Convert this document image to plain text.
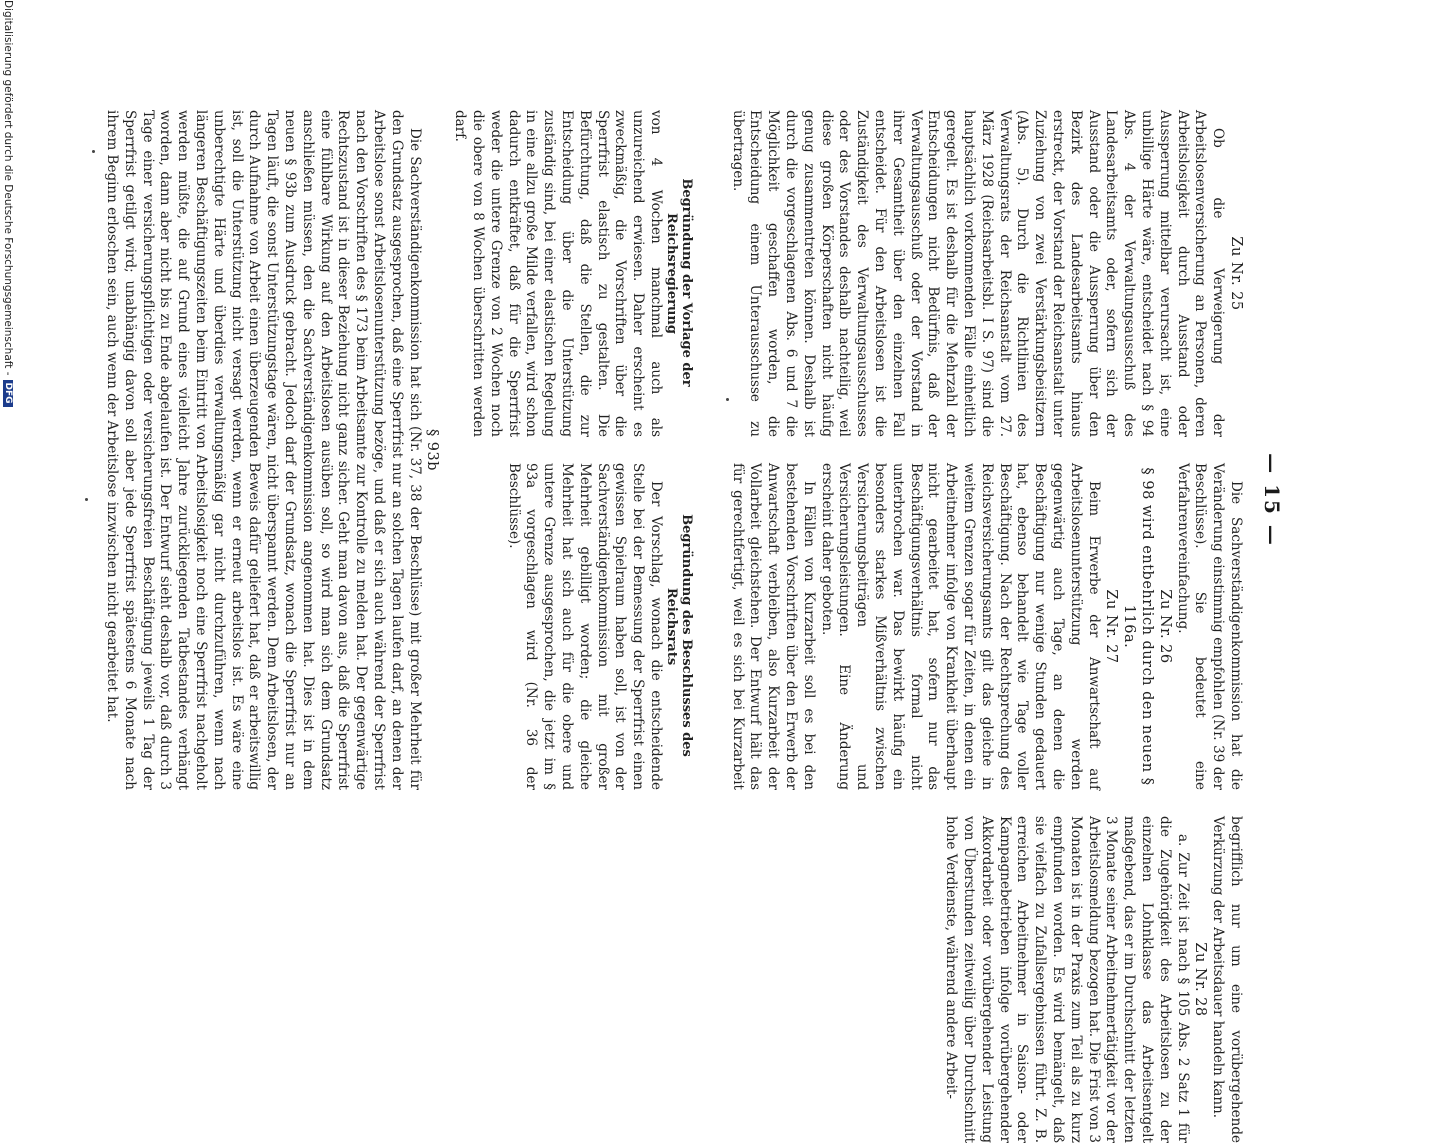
— 15 —

Zu Nr. 25

Ob die Verweigerung der Arbeitslosenversicherung an Personen, deren Arbeitslosigkeit durch Ausstand oder Aussperrung mittelbar verursacht ist, eine unbillige Härte wäre, entscheidet nach § 94 Abs. 4 der Verwaltungsausschuß des Landesarbeitsamts oder, sofern sich der Ausstand oder die Aussperrung über den Bezirk des Landesarbeitsamts hinaus erstreckt, der Vorstand der Reichsanstalt unter Zuziehung von zwei Verstärkungsbeisitzern (Abs. 5). Durch die Richtlinien des Verwaltungsrats der Reichsanstalt vom 27. März 1928 (Reichsarbeitsbl. I S. 97) sind die hauptsächlich vorkommenden Fälle einheitlich geregelt. Es ist deshalb für die Mehrzahl der Entscheidungen nicht Bedürfnis, daß der Verwaltungsausschuß oder der Vorstand in ihrer Gesamtheit über den einzelnen Fall entscheidet. Für den Arbeitslosen ist die Zuständigkeit des Verwaltungsausschusses oder des Vorstandes deshalb nachteilig, weil diese großen Körperschaften nicht häufig genug zusammentreten können. Deshalb ist durch die vorgeschlagenen Abs. 6 und 7 die Möglichkeit geschaffen worden, die Entscheidung einem Unterausschusse zu übertragen.

Die Sachverständigenkommission hat die Veränderung einstimmig empfohlen (Nr. 39 der Beschlüsse). Sie bedeutet eine Verfahrenvereinfachung.

Zu Nr. 26

§ 98 wird entbehrlich durch den neuen § 116a.

Zu Nr. 27

Beim Erwerbe der Anwartschaft auf Arbeitslosenunterstützung werden gegenwärtig auch Tage, an denen die Beschäftigung nur wenige Stunden gedauert hat, ebenso behandelt wie Tage voller Beschäftigung. Nach der Rechtsprechung des Reichsversicherungsamts gilt das gleiche in weitem Grenzen sogar für Zeiten, in denen ein Arbeitnehmer infolge von Krankheit überhaupt nicht gearbeitet hat, sofern nur das Beschäftigungsverhältnis formal nicht unterbrochen war. Das bewirkt häufig ein besonders starkes Mißverhältnis zwischen Versicherungsbeiträgen und Versicherungsleistungen. Eine Änderung erscheint daher geboten.

In Fällen von Kurzarbeit soll es bei den bestehenden Vorschriften über den Erwerb der Anwartschaft verbleiben, also Kurzarbeit der Vollarbeit gleichstehen. Der Entwurf hält das für gerechtfertigt, weil es sich bei Kurzarbeit begrifflich nur um eine vorübergehende Verkürzung der Arbeitsdauer handeln kann.

Zu Nr. 28

a. Zur Zeit ist nach § 105 Abs. 2 Satz 1 für die Zugehörigkeit des Arbeitslosen zu der einzelnen Lohnklasse das Arbeitsentgelt maßgebend, das er im Durchschnitt der letzten 3 Monate seiner Arbeitnehmertätigkeit vor der Arbeitslosmeldung bezogen hat. Die Frist von 3 Monaten ist in der Praxis zum Teil als zu kurz empfunden worden. Es wird bemängelt, daß sie vielfach zu Zufallsergebnissen führt. Z. B. erreichen Arbeitnehmer in Saison- oder Kampagnebetrieben infolge vorübergehender Akkordarbeit oder vorübergehender Leistung von Überstunden zeitweilig über Durchschnitt hohe Verdienste, während andere Arbeit-

Begründung der Vorlage der Reichsregierung

von 4 Wochen manchmal auch als unzureichend erwiesen. Daher erscheint es zweckmäßig, die Vorschriften über die Sperrfrist elastisch zu gestalten. Die Befürchtung, daß die Stellen, die zur Entscheidung über die Unterstützung zuständig sind, bei einer elastischen Regelung in eine allzu große Milde verfallen, wird schon dadurch entkräftet, daß für die Sperrfrist weder die untere Grenze von 2 Wochen noch die obere von 8 Wochen überschritten werden darf.

Begründung des Beschlusses des Reichsrats

Der Vorschlag, wonach die entscheidende Stelle bei der Bemessung der Sperrfrist einen gewissen Spielraum haben soll, ist von der Sachverständigenkommission mit großer Mehrheit gebilligt worden; die gleiche Mehrheit hat sich auch für die obere und untere Grenze ausgesprochen, die jetzt im § 93a vorgeschlagen wird (Nr. 36 der Beschlüsse).

§ 93b

Die Sachverständigenkommission hat sich (Nr. 37, 38 der Beschlüsse) mit großer Mehrheit für den Grundsatz ausgesprochen, daß eine Sperrfrist nur an solchen Tagen laufen darf, an denen der Arbeitslose sonst Arbeitslosenunterstützung bezöge, und daß er sich auch während der Sperrfrist nach den Vorschriften des § 173 beim Arbeitsamte zur Kontrolle zu melden hat. Der gegenwärtige Rechtszustand ist in dieser Beziehung nicht ganz sicher. Geht man davon aus, daß die Sperrfrist eine fühlbare Wirkung auf den Arbeitslosen ausüben soll, so wird man sich dem Grundsatz anschließen müssen, den die Sachverständigenkommission angenommen hat. Dies ist in dem neuen § 93b zum Ausdruck gebracht. Jedoch darf der Grundsatz, wonach die Sperrfrist nur an Tagen läuft, die sonst Unterstützungstage wären, nicht überspannt werden. Dem Arbeitslosen, der durch Aufnahme von Arbeit einen überzeugenden Beweis dafür geliefert hat, daß er arbeitswillig ist, soll die Unterstützung nicht versagt werden, wenn er erneut arbeitslos ist. Es wäre eine unberechtigte Härte und überdies verwaltungsmäßig gar nicht durchzuführen, wenn nach längeren Beschäftigungszeiten beim Eintritt von Arbeitslosigkeit noch eine Sperrfrist nachgeholt werden müßte, die auf Grund eines vielleicht Jahre zurückliegenden Tatbestandes verhängt worden, dann aber nicht bis zu Ende abgelaufen ist. Der Entwurf sieht deshalb vor, daß durch 3 Tage einer versicherungspflichtigen oder versicherungsfreien Beschäftigung jeweils 1 Tag der Sperrfrist getilgt wird; unabhängig davon soll aber jede Sperrfrist spätestens 6 Monate nach ihrem Beginn erloschen sein, auch wenn der Arbeitslose inzwischen nicht gearbeitet hat.

Digitalisierung gefördert durch die Deutsche Forschungsgemeinschaft -DFG
